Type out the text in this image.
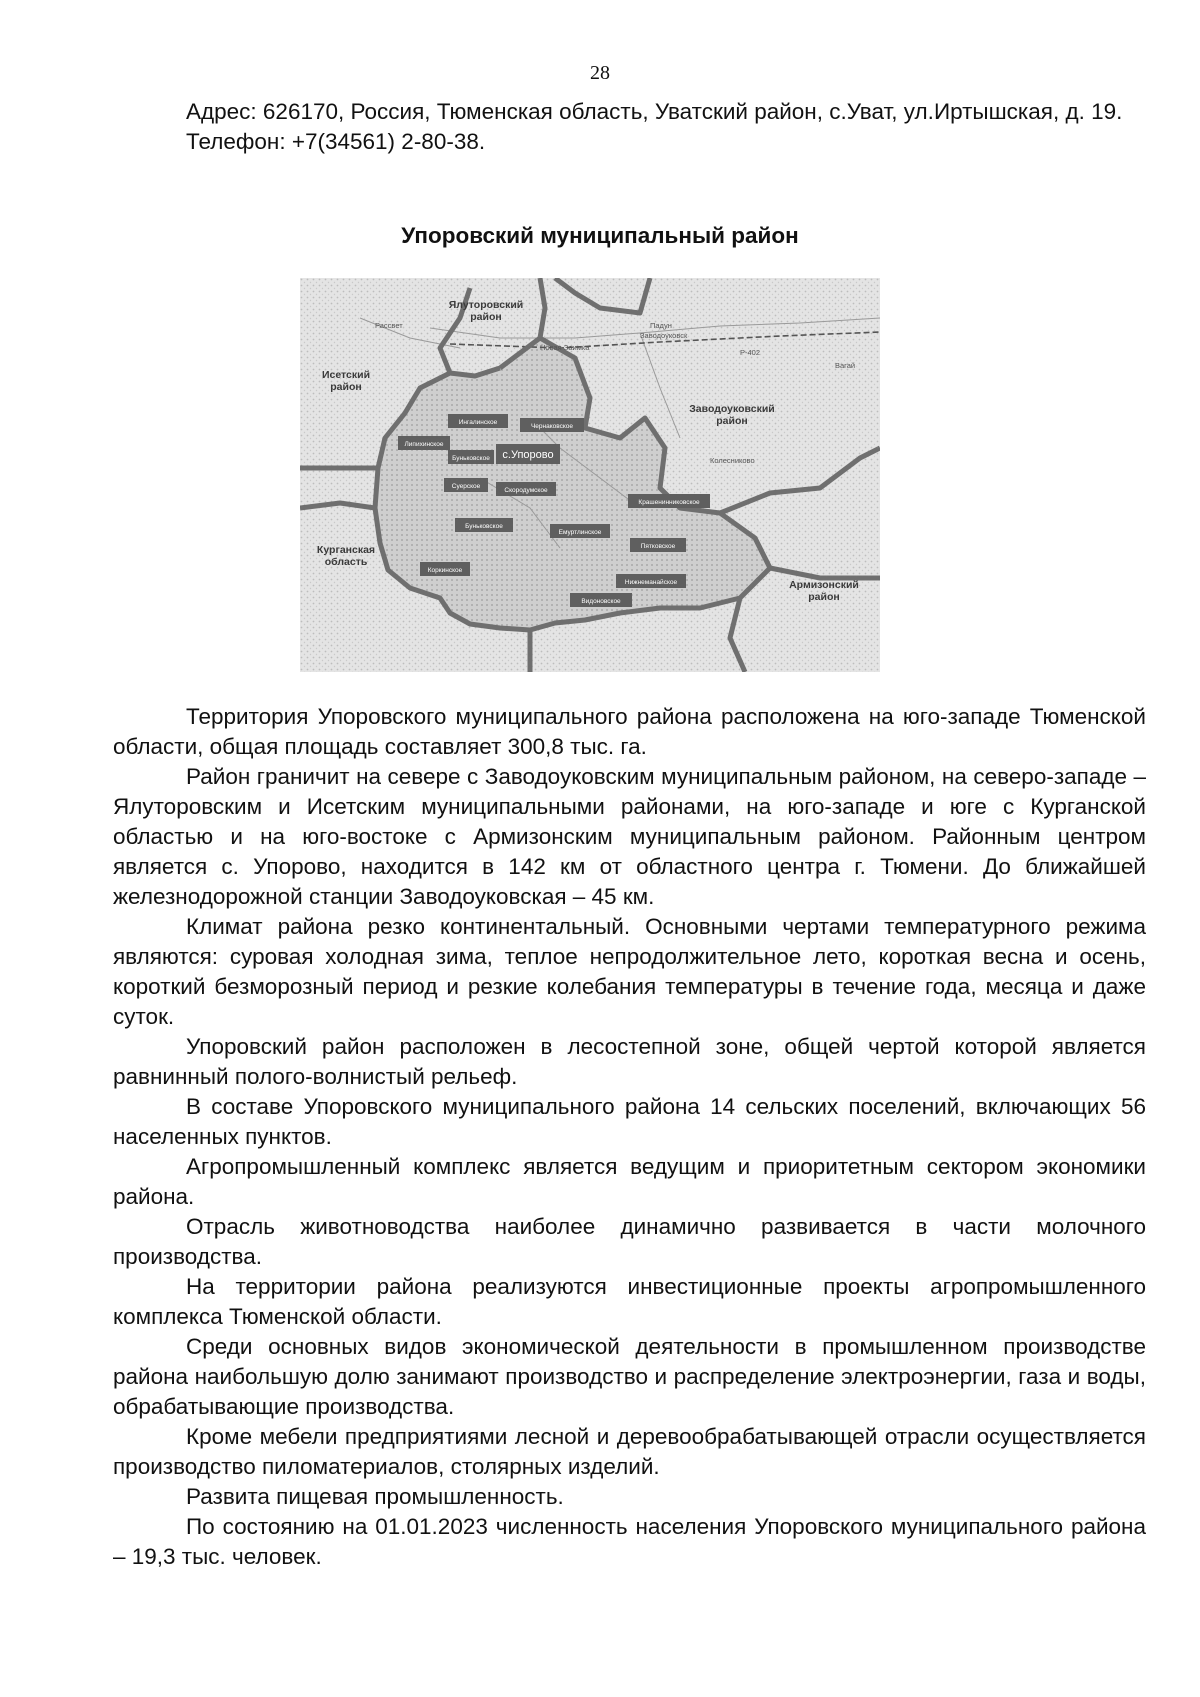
28

Адрес: 626170, Россия, Тюменская область, Уватский район, с.Уват, ул.Иртышская, д. 19.

Телефон: +7(34561) 2-80-38.

Упоровский муниципальный район
Ялуторовский
район
Исетский
район
Заводоуковский
район
Курганская
область
Армизонский
район
Заводоуковск
Новая Заимка
Рассвет
Вагай
Р-402
Падун
Колесниково
Ингалинское
Чернаковское
Липихинское
Буньковское с.Упорово
Суерское
Скородумское
Крашенинниковское
Буньковское
Емуртлинское
Пятковское
Коркинское
Нижнеманайское
Видоновское

Территория Упоровского муниципального района расположена на юго-западе Тюменской области, общая площадь составляет 300,8 тыс. га.

Район граничит на севере с Заводоуковским муниципальным районом, на северо-западе – Ялуторовским и Исетским муниципальными районами, на юго-западе и юге с Курганской областью и на юго-востоке с Армизонским муниципальным районом. Районным центром является с. Упорово, находится в 142 км от областного центра г. Тюмени. До ближайшей железнодорожной станции Заводоуковская – 45 км.

Климат района резко континентальный. Основными чертами температурного режима являются: суровая холодная зима, теплое непродолжительное лето, короткая весна и осень, короткий безморозный период и резкие колебания температуры в течение года, месяца и даже суток.

Упоровский район расположен в лесостепной зоне, общей чертой которой является равнинный полого-волнистый рельеф.

В составе Упоровского муниципального района 14 сельских поселений, включающих 56 населенных пунктов.

Агропромышленный комплекс является ведущим и приоритетным сектором экономики района.

Отрасль животноводства наиболее динамично развивается в части молочного производства.

На территории района реализуются инвестиционные проекты агропромышленного комплекса Тюменской области.

Среди основных видов экономической деятельности в промышленном производстве района наибольшую долю занимают производство и распределение электроэнергии, газа и воды, обрабатывающие производства.

Кроме мебели предприятиями лесной и деревообрабатывающей отрасли осуществляется производство пиломатериалов, столярных изделий.

Развита пищевая промышленность.

По состоянию на 01.01.2023 численность населения Упоровского муниципального района – 19,3 тыс. человек.
